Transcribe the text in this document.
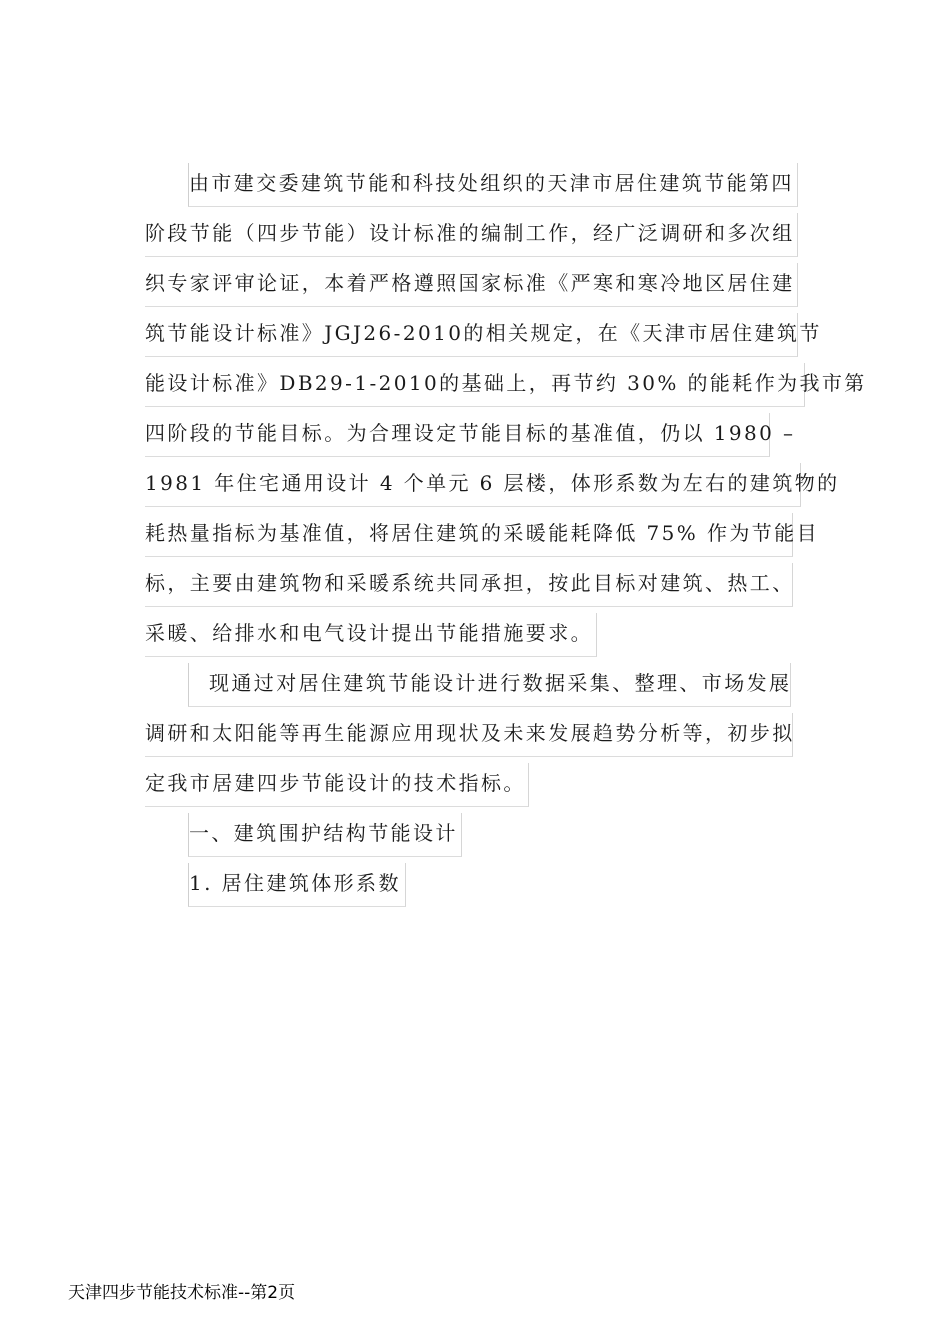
由市建交委建筑节能和科技处组织的天津市居住建筑节能第四
阶段节能（四步节能）设计标准的编制工作，经广泛调研和多次组
织专家评审论证，本着严格遵照国家标准《严寒和寒冷地区居住建
筑节能设计标准》JGJ26-2010的相关规定，在《天津市居住建筑节
能设计标准》DB29-1-2010的基础上，再节约 30% 的能耗作为我市第
四阶段的节能目标。为合理设定节能目标的基准值，仍以 1980 –
1981 年住宅通用设计 4 个单元 6 层楼，体形系数为左右的建筑物的
耗热量指标为基准值，将居住建筑的采暖能耗降低 75% 作为节能目
标，主要由建筑物和采暖系统共同承担，按此目标对建筑、热工、
采暖、给排水和电气设计提出节能措施要求。
现通过对居住建筑节能设计进行数据采集、整理、市场发展
调研和太阳能等再生能源应用现状及未来发展趋势分析等，初步拟
定我市居建四步节能设计的技术指标。
一、建筑围护结构节能设计
1. 居住建筑体形系数
天津四步节能技术标准--第2页
